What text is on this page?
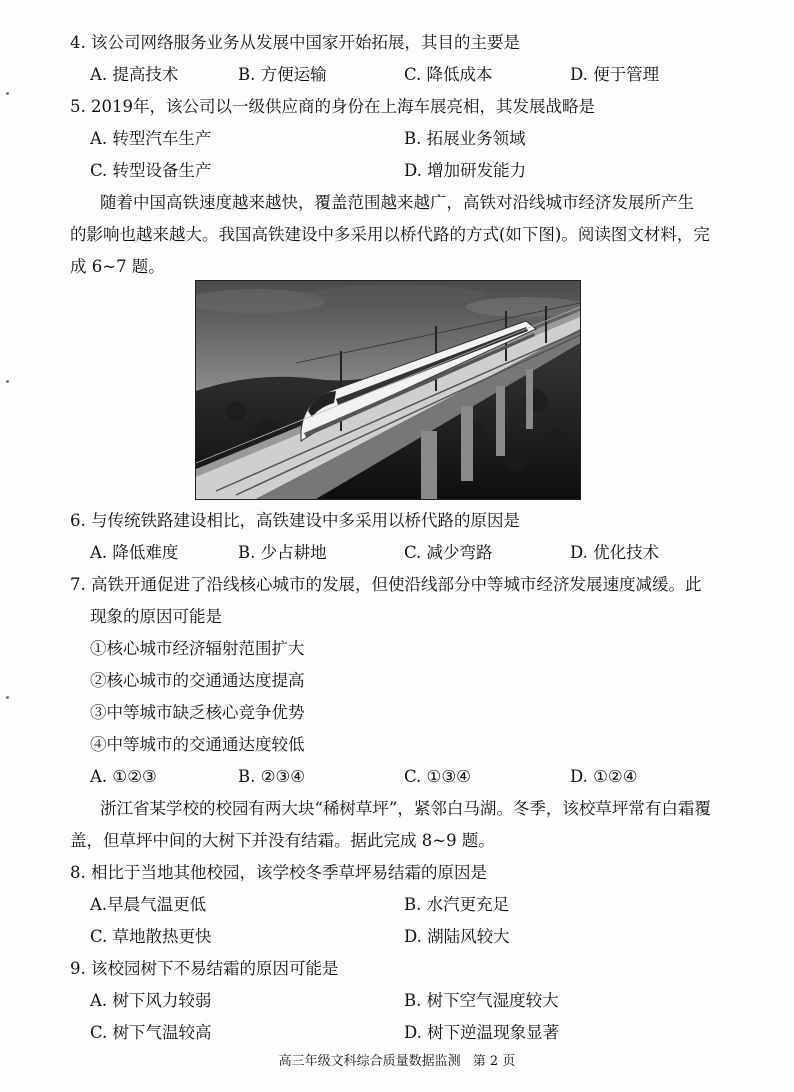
4. 该公司网络服务业务从发展中国家开始拓展，其目的主要是
A. 提高技术	B. 方便运输	C. 降低成本	D. 便于管理
5. 2019年，该公司以一级供应商的身份在上海车展亮相，其发展战略是
A. 转型汽车生产	B. 拓展业务领域
C. 转型设备生产	D. 增加研发能力
随着中国高铁速度越来越快，覆盖范围越来越广，高铁对沿线城市经济发展所产生
的影响也越来越大。我国高铁建设中多采用以桥代路的方式(如下图)。阅读图文材料，完
成 6~7 题。
6. 与传统铁路建设相比，高铁建设中多采用以桥代路的原因是
A. 降低难度	B. 少占耕地	C. 减少弯路	D. 优化技术
7. 高铁开通促进了沿线核心城市的发展，但使沿线部分中等城市经济发展速度减缓。此
现象的原因可能是
①核心城市经济辐射范围扩大
②核心城市的交通通达度提高
③中等城市缺乏核心竞争优势
④中等城市的交通通达度较低
A. ①②③	B. ②③④	C. ①③④	D. ①②④
浙江省某学校的校园有两大块“稀树草坪”，紧邻白马湖。冬季，该校草坪常有白霜覆
盖，但草坪中间的大树下并没有结霜。据此完成 8~9 题。
8. 相比于当地其他校园，该学校冬季草坪易结霜的原因是
A.早晨气温更低	B. 水汽更充足
C. 草地散热更快	D. 湖陆风较大
9. 该校园树下不易结霜的原因可能是
A. 树下风力较弱	B. 树下空气湿度较大
C. 树下气温较高	D. 树下逆温现象显著
高三年级文科综合质量数据监测 第 2 页
